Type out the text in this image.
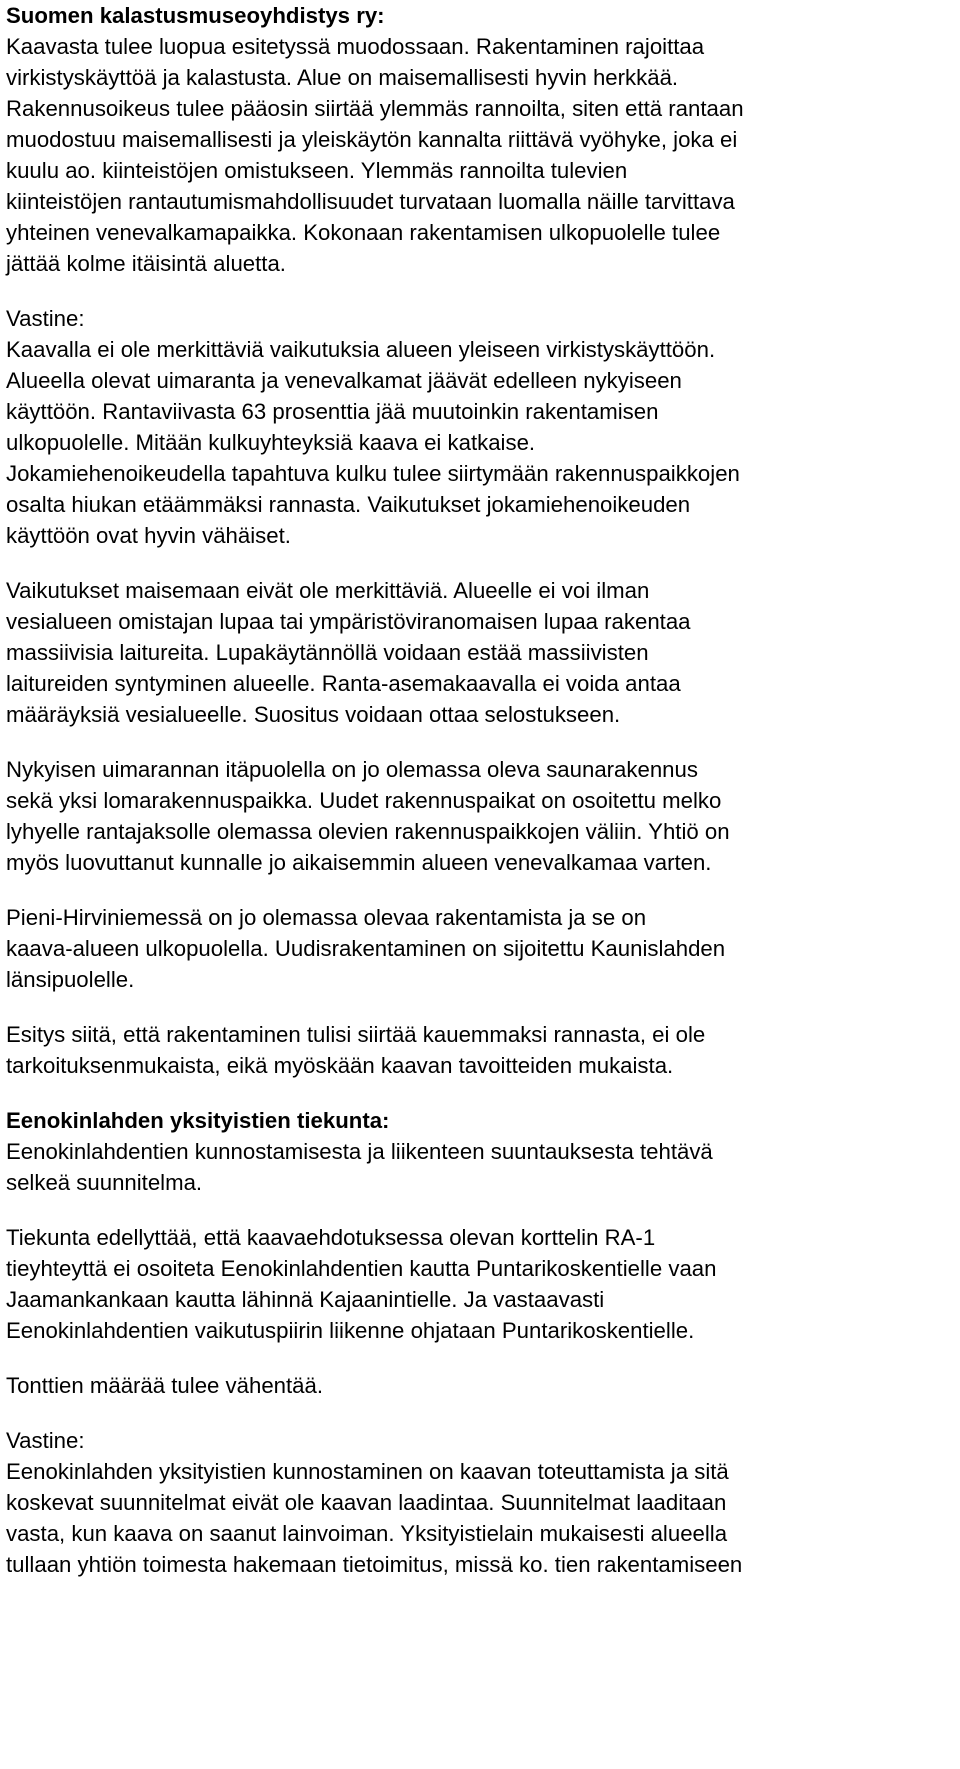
Suomen kalastusmuseoyhdistys ry:
Kaavasta tulee luopua esitetyssä muodossaan. Rakentaminen rajoittaa
virkistyskäyttöä ja kalastusta. Alue on maisemallisesti hyvin herkkää.
Rakennusoikeus tulee pääosin siirtää ylemmäs rannoilta, siten että rantaan
muodostuu maisemallisesti ja yleiskäytön kannalta riittävä vyöhyke, joka ei
kuulu ao. kiinteistöjen omistukseen. Ylemmäs rannoilta tulevien
kiinteistöjen rantautumismahdollisuudet turvataan luomalla näille tarvittava
yhteinen venevalkamapaikka. Kokonaan rakentamisen ulkopuolelle tulee
jättää kolme itäisintä aluetta.
Vastine:
Kaavalla ei ole merkittäviä vaikutuksia alueen yleiseen virkistyskäyttöön.
Alueella olevat uimaranta ja venevalkamat jäävät edelleen nykyiseen
käyttöön. Rantaviivasta 63 prosenttia jää muutoinkin rakentamisen
ulkopuolelle. Mitään kulkuyhteyksiä kaava ei katkaise.
Jokamiehenoikeudella tapahtuva kulku tulee siirtymään rakennuspaikkojen
osalta hiukan etäämmäksi rannasta. Vaikutukset jokamiehenoikeuden
käyttöön ovat hyvin vähäiset.
Vaikutukset maisemaan eivät ole merkittäviä. Alueelle ei voi ilman
vesialueen omistajan lupaa tai ympäristöviranomaisen lupaa rakentaa
massiivisia laitureita. Lupakäytännöllä voidaan estää massiivisten
laitureiden syntyminen alueelle. Ranta-asemakaavalla ei voida antaa
määräyksiä vesialueelle. Suositus voidaan ottaa selostukseen.
Nykyisen uimarannan itäpuolella on jo olemassa oleva saunarakennus
sekä yksi lomarakennuspaikka. Uudet rakennuspaikat on osoitettu melko
lyhyelle rantajaksolle olemassa olevien rakennuspaikkojen väliin. Yhtiö on
myös luovuttanut kunnalle jo aikaisemmin alueen venevalkamaa varten.
Pieni-Hirviniemessä on jo olemassa olevaa rakentamista ja se on
kaava-alueen ulkopuolella. Uudisrakentaminen on sijoitettu Kaunislahden
länsipuolelle.
Esitys siitä, että rakentaminen tulisi siirtää kauemmaksi rannasta, ei ole
tarkoituksenmukaista, eikä myöskään kaavan tavoitteiden mukaista.
Eenokinlahden yksityistien tiekunta:
Eenokinlahdentien kunnostamisesta ja liikenteen suuntauksesta tehtävä
selkeä suunnitelma.
Tiekunta edellyttää, että kaavaehdotuksessa olevan korttelin RA-1
tieyhteyttä ei osoiteta Eenokinlahdentien kautta Puntarikoskentielle vaan
Jaamankankaan kautta lähinnä Kajaanintielle. Ja vastaavasti
Eenokinlahdentien vaikutuspiirin liikenne ohjataan Puntarikoskentielle.
Tonttien määrää tulee vähentää.
Vastine:
Eenokinlahden yksityistien kunnostaminen on kaavan toteuttamista ja sitä
koskevat suunnitelmat eivät ole kaavan laadintaa. Suunnitelmat laaditaan
vasta, kun kaava on saanut lainvoiman. Yksityistielain mukaisesti alueella
tullaan yhtiön toimesta hakemaan tietoimitus, missä ko. tien rakentamiseen
